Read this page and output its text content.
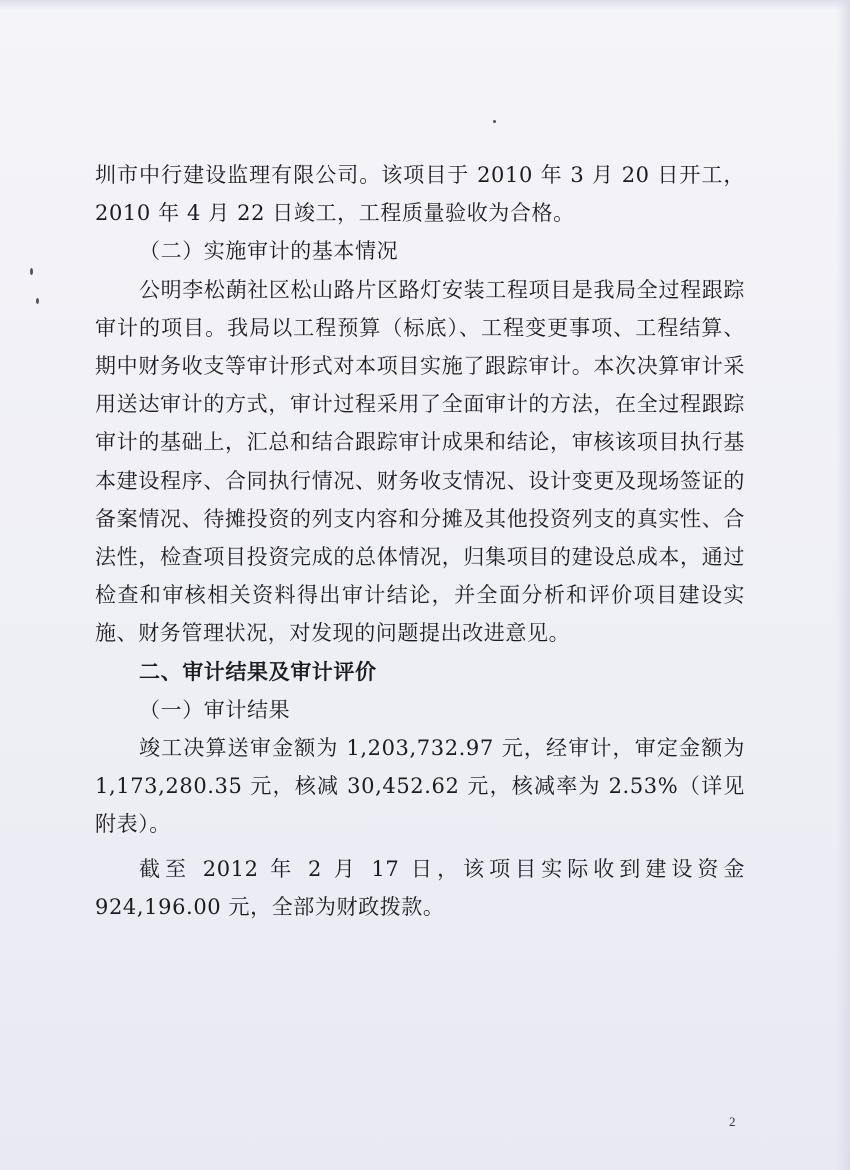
圳市中行建设监理有限公司。该项目于 2010 年 3 月 20 日开工，2010 年 4 月 22 日竣工，工程质量验收为合格。

（二）实施审计的基本情况

公明李松蓢社区松山路片区路灯安装工程项目是我局全过程跟踪审计的项目。我局以工程预算（标底）、工程变更事项、工程结算、期中财务收支等审计形式对本项目实施了跟踪审计。本次决算审计采用送达审计的方式，审计过程采用了全面审计的方法，在全过程跟踪审计的基础上，汇总和结合跟踪审计成果和结论，审核该项目执行基本建设程序、合同执行情况、财务收支情况、设计变更及现场签证的备案情况、待摊投资的列支内容和分摊及其他投资列支的真实性、合法性，检查项目投资完成的总体情况，归集项目的建设总成本，通过检查和审核相关资料得出审计结论，并全面分析和评价项目建设实施、财务管理状况，对发现的问题提出改进意见。

二、审计结果及审计评价

（一）审计结果

竣工决算送审金额为 1,203,732.97 元，经审计，审定金额为 1,173,280.35 元，核减 30,452.62 元，核减率为 2.53%（详见附表）。

截至 2012 年 2 月 17 日，该项目实际收到建设资金 924,196.00 元，全部为财政拨款。

2
